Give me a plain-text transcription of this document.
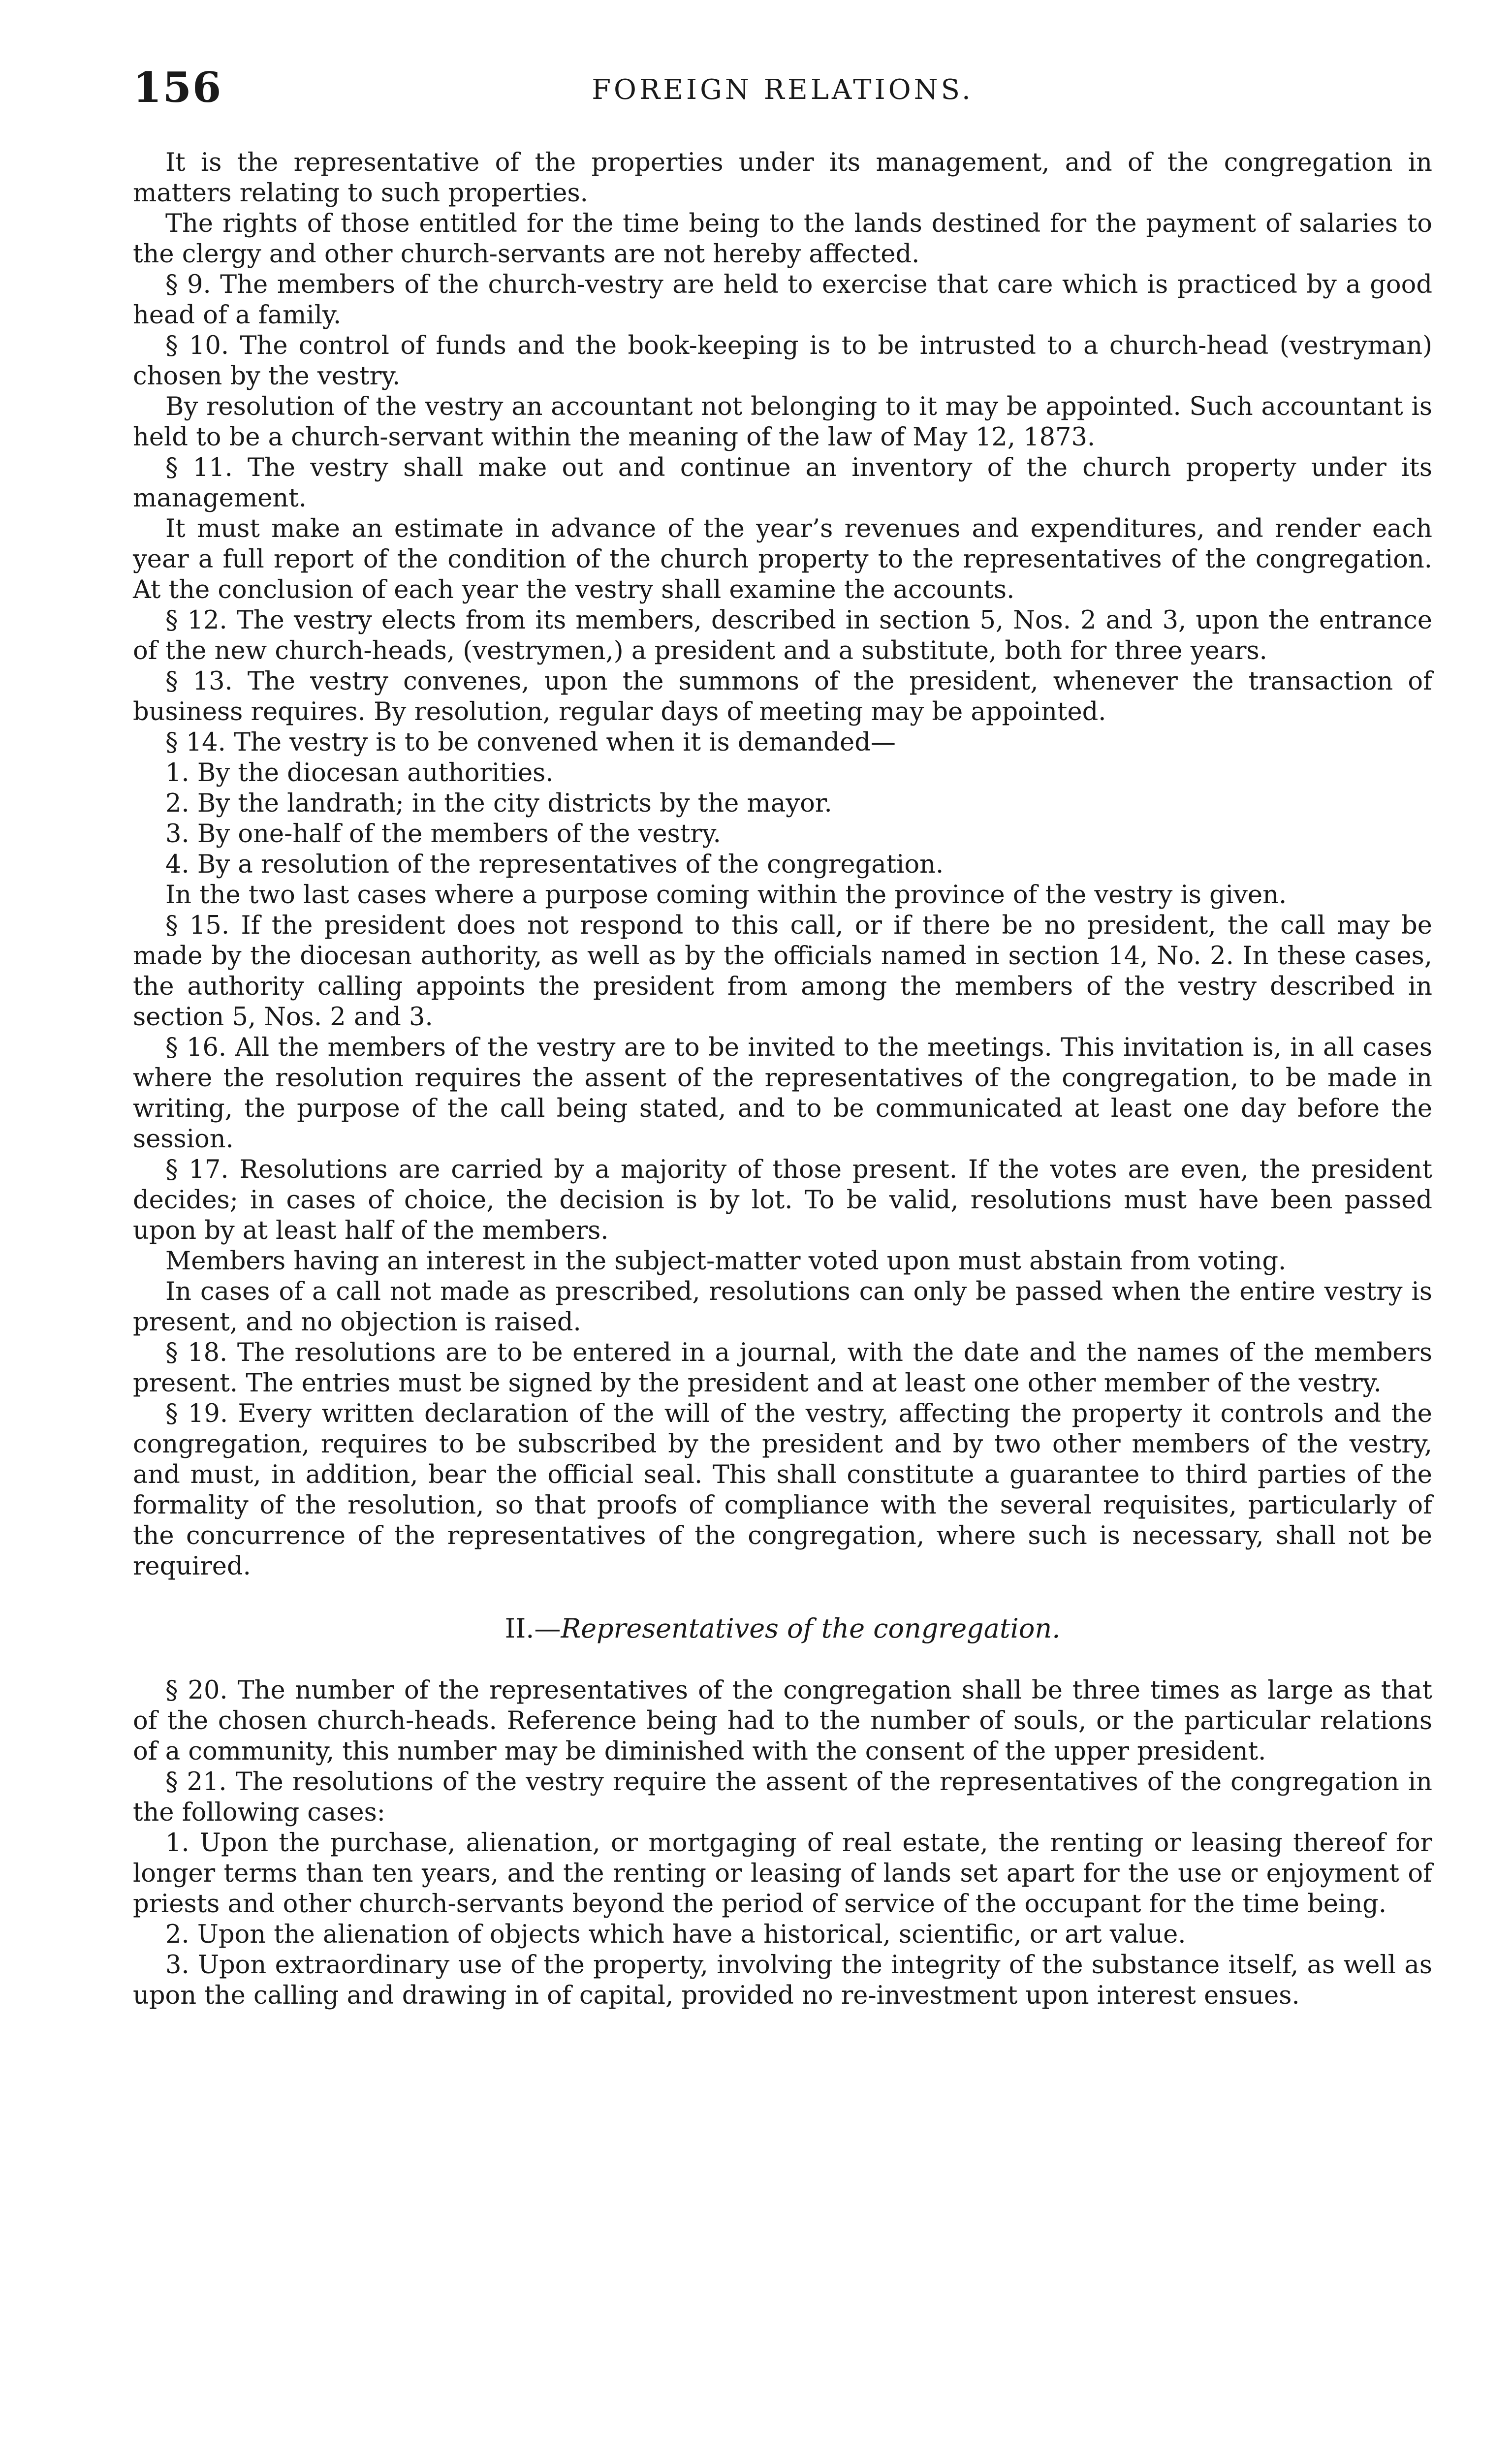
156	FOREIGN RELATIONS.

It is the representative of the properties under its management, and of the congregation in matters relating to such properties.

The rights of those entitled for the time being to the lands destined for the payment of salaries to the clergy and other church-servants are not hereby affected.

§ 9. The members of the church-vestry are held to exercise that care which is practiced by a good head of a family.

§ 10. The control of funds and the book-keeping is to be intrusted to a church-head (vestryman) chosen by the vestry.

By resolution of the vestry an accountant not belonging to it may be appointed. Such accountant is held to be a church-servant within the meaning of the law of May 12, 1873.

§ 11. The vestry shall make out and continue an inventory of the church property under its management.

It must make an estimate in advance of the year’s revenues and expenditures, and render each year a full report of the condition of the church property to the representatives of the congregation. At the conclusion of each year the vestry shall examine the accounts.

§ 12. The vestry elects from its members, described in section 5, Nos. 2 and 3, upon the entrance of the new church-heads, (vestrymen,) a president and a substitute, both for three years.

§ 13. The vestry convenes, upon the summons of the president, whenever the transaction of business requires. By resolution, regular days of meeting may be appointed.

§ 14. The vestry is to be convened when it is demanded—

1. By the diocesan authorities.

2. By the landrath; in the city districts by the mayor.

3. By one-half of the members of the vestry.

4. By a resolution of the representatives of the congregation.

In the two last cases where a purpose coming within the province of the vestry is given.

§ 15. If the president does not respond to this call, or if there be no president, the call may be made by the diocesan authority, as well as by the officials named in section 14, No. 2. In these cases, the authority calling appoints the president from among the members of the vestry described in section 5, Nos. 2 and 3.

§ 16. All the members of the vestry are to be invited to the meetings. This invitation is, in all cases where the resolution requires the assent of the representatives of the congregation, to be made in writing, the purpose of the call being stated, and to be communicated at least one day before the session.

§ 17. Resolutions are carried by a majority of those present. If the votes are even, the president decides; in cases of choice, the decision is by lot. To be valid, resolutions must have been passed upon by at least half of the members.

Members having an interest in the subject-matter voted upon must abstain from voting.

In cases of a call not made as prescribed, resolutions can only be passed when the entire vestry is present, and no objection is raised.

§ 18. The resolutions are to be entered in a journal, with the date and the names of the members present. The entries must be signed by the president and at least one other member of the vestry.

§ 19. Every written declaration of the will of the vestry, affecting the property it controls and the congregation, requires to be subscribed by the president and by two other members of the vestry, and must, in addition, bear the official seal. This shall constitute a guarantee to third parties of the formality of the resolution, so that proofs of compliance with the several requisites, particularly of the concurrence of the representatives of the congregation, where such is necessary, shall not be required.

II.—Representatives of the congregation.

§ 20. The number of the representatives of the congregation shall be three times as large as that of the chosen church-heads. Reference being had to the number of souls, or the particular relations of a community, this number may be diminished with the consent of the upper president.

§ 21. The resolutions of the vestry require the assent of the representatives of the congregation in the following cases:

1. Upon the purchase, alienation, or mortgaging of real estate, the renting or leasing thereof for longer terms than ten years, and the renting or leasing of lands set apart for the use or enjoyment of priests and other church-servants beyond the period of service of the occupant for the time being.

2. Upon the alienation of objects which have a historical, scientific, or art value.

3. Upon extraordinary use of the property, involving the integrity of the substance itself, as well as upon the calling and drawing in of capital, provided no re-investment upon interest ensues.
